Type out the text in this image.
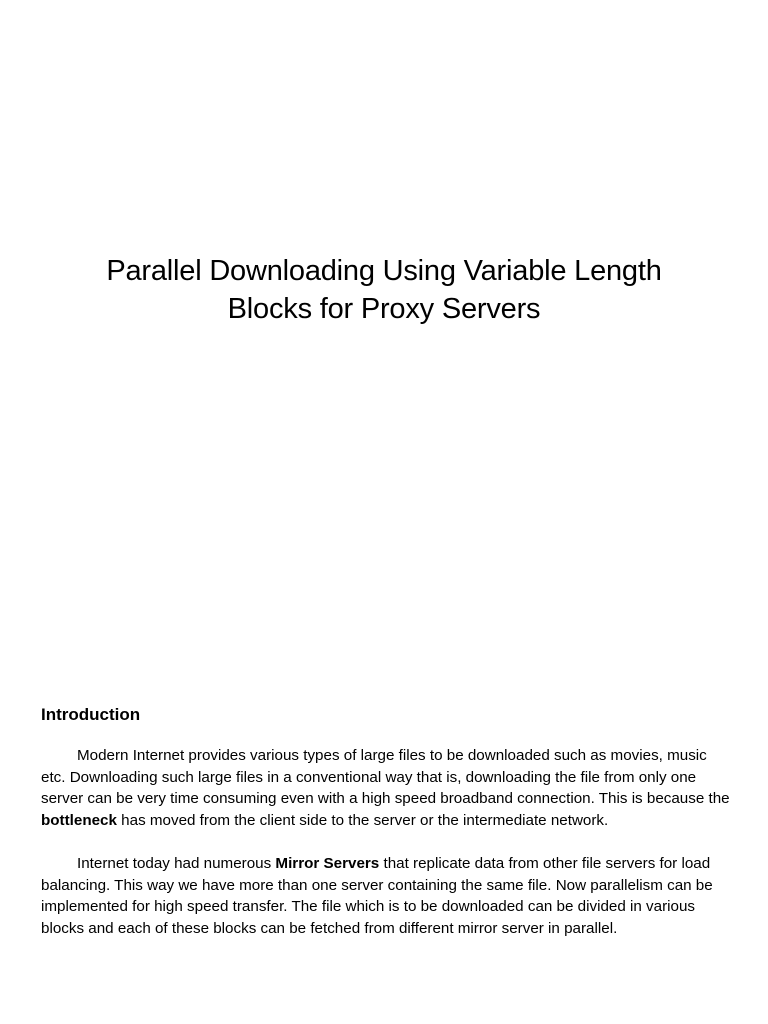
Parallel Downloading Using Variable Length
Blocks for Proxy Servers
Introduction

Modern Internet provides various types of large files to be downloaded such as movies, music etc. Downloading such large files in a conventional way that is, downloading the file from only one server can be very time consuming even with a high speed broadband connection. This is because the bottleneck has moved from the client side to the server or the intermediate network.

Internet today had numerous Mirror Servers that replicate data from other file servers for load balancing. This way we have more than one server containing the same file. Now parallelism can be implemented for high speed transfer. The file which is to be downloaded can be divided in various blocks and each of these blocks can be fetched from different mirror server in parallel.
